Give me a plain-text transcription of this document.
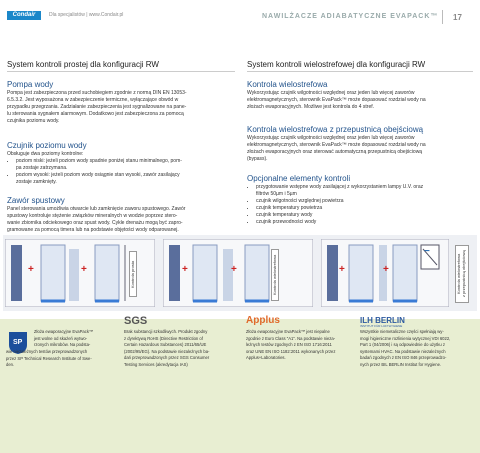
Condair	Dla specjalistów | www.Condair.pl	NAWILŻACZE ADIABATYCZNE EVAPACK™ 17
System kontroli prostej dla konfiguracji RW
Pompa wody
Pompa jest zabezpieczona przed suchobiegiem zgodnie z normą DIN EN 13053-
6.5.3.2. Jest wyposażona w zabezpieczenie termiczne, wyłączające obwód w
przypadku przegrzania. Zadziałanie zabezpieczenia jest sygnalizowane na pane-
lu sterowania sygnałem alarmowym. Dodatkowo jest zabezpieczona za pomocą
czujnika poziomu wody.
Czujnik poziomu wody
Obsługuje dwa poziomy kontrolne:
• poziom niski: jeżeli poziom wody spadnie poniżej stanu minimalnego, pom-
pa zostaje zatrzymana.
• poziom wysoki: jeżeli poziom wody osiągnie stan wysoki, zawór zasilający
zostaje zamknięty.
Zawór spustowy
Panel sterowania umożliwia otwarcie lub zamknięcie zaworu spustowego. Zawór
spustowy kontroluje stężenie związków mineralnych w wodzie poprzez stero-
wanie zbiornika odciekowego oraz spust wody. Cykle drenażu mogą być zapro-
gramowane za pomocą timera lub na podstawie objętości wody odparowanej.
System kontroli wielostrefowej dla konfiguracji RW
Kontrola wielostrefowa
Wykorzystując czujnik wilgotności względnej oraz jeden lub więcej zaworów
elektromagnetycznych, sterownik EvaPack™ może dopasować rozdział wody na
złożach ewaporacyjnych. Możliwe jest kontrola do 4 stref.
Kontrola wielostrefowa z przepustnicą obejściową
Wykorzystując czujnik wilgotności względnej oraz jeden lub więcej zaworów
elektromagnetycznych, sterownik EvaPack™ może dopasować rozdział wody na
złożach ewaporacyjnych oraz sterować automatyczną przepustnicą obejściową
(bypass).
Opcjonalne elementy kontroli
• przygotowanie wstępne wody zasilającej z wykorzystaniem lampy U.V. oraz
filtrów 50µm i 5µm
• czujnik wilgotności względnej powietrza
• czujnik temperatury powietrza
• czujnik temperatury wody
• czujnik przewodności wody
+	+	Kontrola prosta	+	+	Kontrola wielostrefowa	+	+
−
Kontrola wielostrefowa
z przepustnicą obejściową
SP
Złoża ewaporacyjne EvaPack™
jest wolne od skażeń wytwo-
rzonych mikrobów. Na podsta-
wie niezależnych testów przeprowadzonych
przez SP Technical Research Institute of Swe-
den.
SGS
Brak substancji szkodliwych. Produkt zgodny
z dyrektywą RoHS (Directive Restriction of
Certain Hazardous Substances) 2011/65/UE
(2002/95/EG). Na podstawie niezależnych ba-
dań przeprowadzonych przez SGS Consumer
Testing Services (akredytacja IAS)
Applus
Złoża ewaporacyjne EvaPack™ jest niepalne
zgodnie z Euro Class "A1". Na podstawie nieza-
leżnych testów zgodnych z EN ISO 1716:2011
oraz UNE EN ISO 1182:2011 wykonanych przez
Applus+Laboratories.
ILH BERLIN
INSTITUT FÜR LUFTHYGIENE
Wszystkie niemetaliczne części spełniają wy-
mogi higieniczne rozlinienia wytycznej VDI 6022,
Part 1 (04/2006) i są odpowiednie do użytku z
systemami HVAC. Na podstawie niezależnych
badań zgodnych z EN ISO 846 przeprowadzo-
nych przez BIL BERLIN Institut for Hygiene.
